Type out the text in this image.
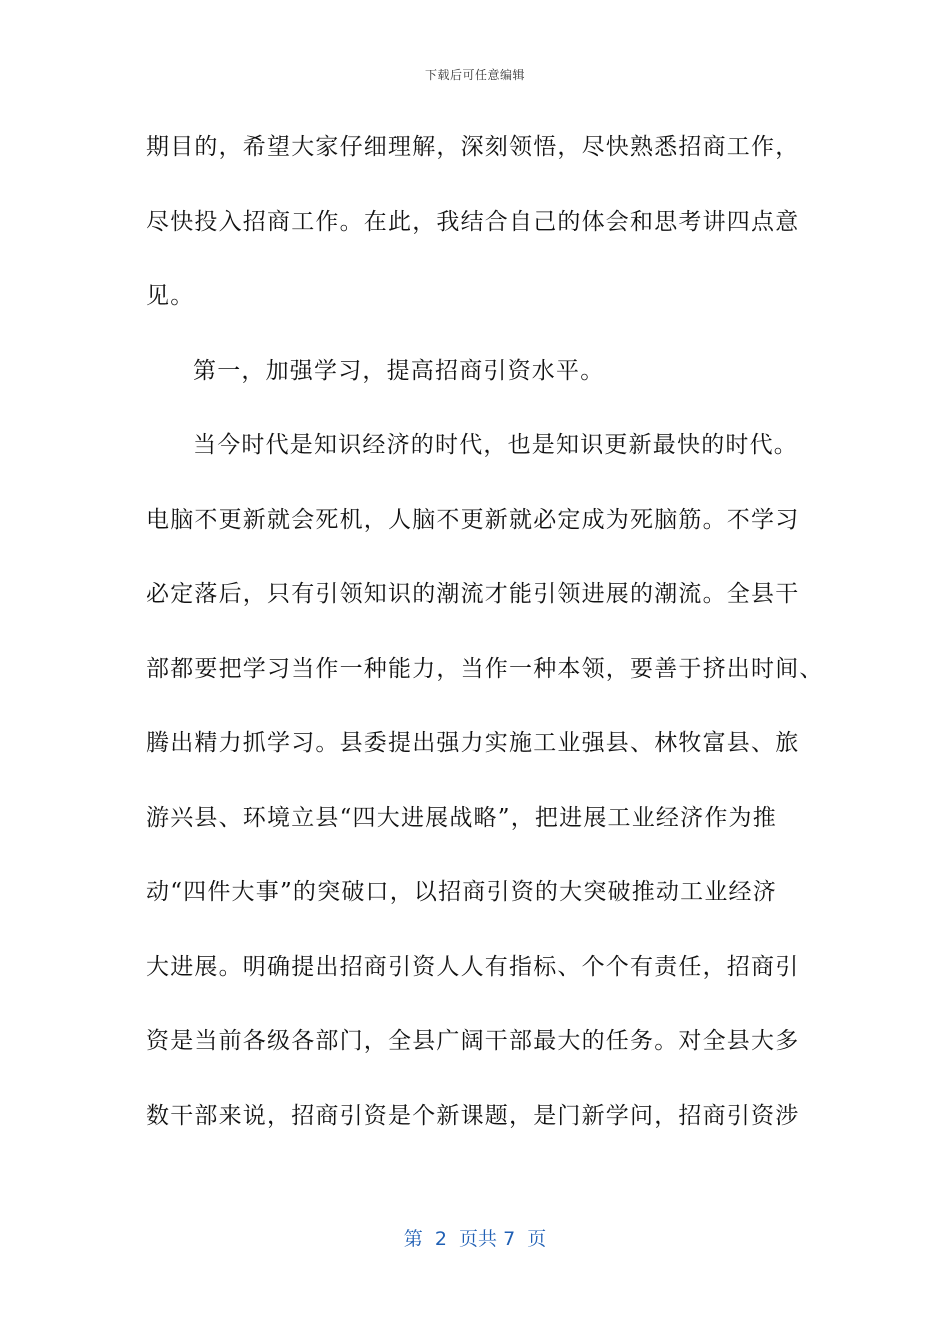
下载后可任意编辑
期目的，希望大家仔细理解，深刻领悟，尽快熟悉招商工作，
尽快投入招商工作。在此，我结合自己的体会和思考讲四点意
见。
第一，加强学习，提高招商引资水平。
当今时代是知识经济的时代，也是知识更新最快的时代。
电脑不更新就会死机，人脑不更新就必定成为死脑筋。不学习
必定落后，只有引领知识的潮流才能引领进展的潮流。全县干
部都要把学习当作一种能力，当作一种本领，要善于挤出时间、
腾出精力抓学习。县委提出强力实施工业强县、林牧富县、旅
游兴县、环境立县“四大进展战略”，把进展工业经济作为推
动“四件大事”的突破口，以招商引资的大突破推动工业经济
大进展。明确提出招商引资人人有指标、个个有责任，招商引
资是当前各级各部门，全县广阔干部最大的任务。对全县大多
数干部来说，招商引资是个新课题，是门新学问，招商引资涉
第 2 页共 7 页
